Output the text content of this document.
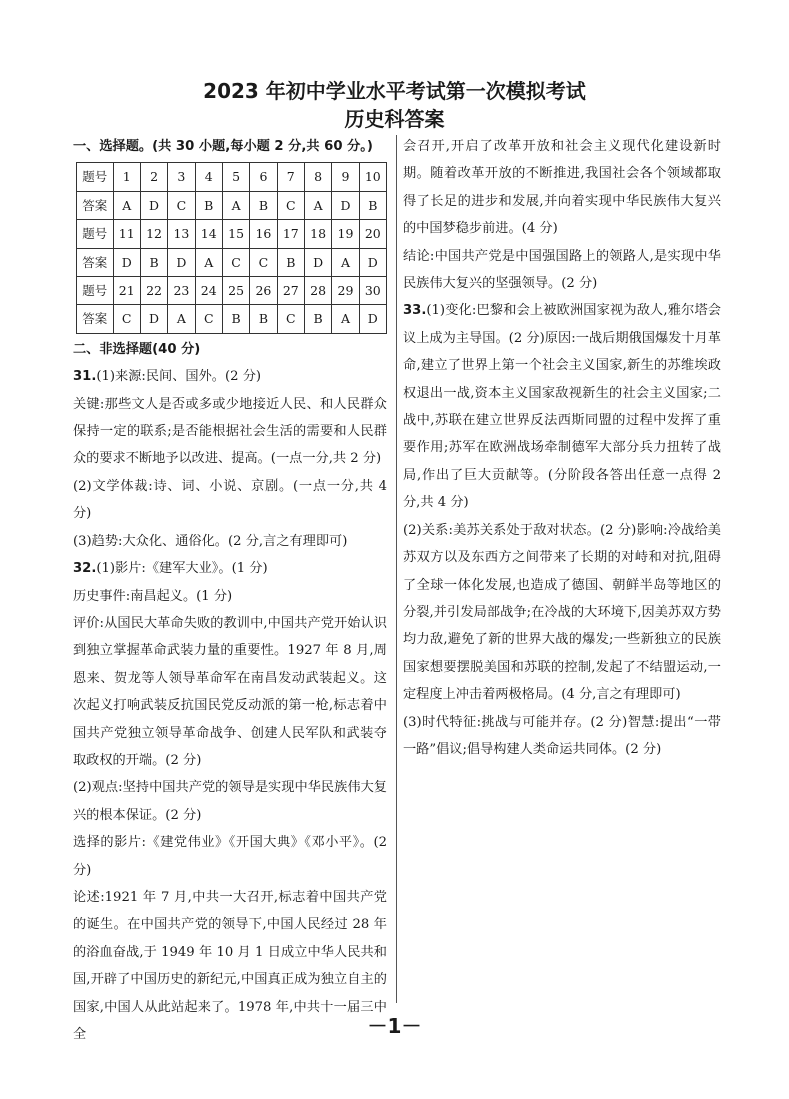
2023 年初中学业水平考试第一次模拟考试
历史科答案

一、选择题。(共 30 小题,每小题 2 分,共 60 分。)

题号	1	2	3	4	5	6	7	8	9	10
答案	A	D	C	B	A	B	C	A	D	B
题号	11	12	13	14	15	16	17	18	19	20
答案	D	B	D	A	C	C	B	D	A	D
题号	21	22	23	24	25	26	27	28	29	30
答案	C	D	A	C	B	B	C	B	A	D

二、非选择题(40 分)

31.(1)来源:民间、国外。(2 分)

关键:那些文人是否或多或少地接近人民、和人民群众保持一定的联系;是否能根据社会生活的需要和人民群众的要求不断地予以改进、提高。(一点一分,共 2 分)

(2)文学体裁:诗、词、小说、京剧。(一点一分,共 4 分)

(3)趋势:大众化、通俗化。(2 分,言之有理即可)

32.(1)影片:《建军大业》。(1 分)

历史事件:南昌起义。(1 分)

评价:从国民大革命失败的教训中,中国共产党开始认识到独立掌握革命武装力量的重要性。1927 年 8 月,周恩来、贺龙等人领导革命军在南昌发动武装起义。这次起义打响武装反抗国民党反动派的第一枪,标志着中国共产党独立领导革命战争、创建人民军队和武装夺取政权的开端。(2 分)

(2)观点:坚持中国共产党的领导是实现中华民族伟大复兴的根本保证。(2 分)

选择的影片:《建党伟业》《开国大典》《邓小平》。(2 分)

论述:1921 年 7 月,中共一大召开,标志着中国共产党的诞生。在中国共产党的领导下,中国人民经过 28 年的浴血奋战,于 1949 年 10 月 1 日成立中华人民共和国,开辟了中国历史的新纪元,中国真正成为独立自主的国家,中国人从此站起来了。1978 年,中共十一届三中全

会召开,开启了改革开放和社会主义现代化建设新时期。随着改革开放的不断推进,我国社会各个领域都取得了长足的进步和发展,并向着实现中华民族伟大复兴的中国梦稳步前进。(4 分)

结论:中国共产党是中国强国路上的领路人,是实现中华民族伟大复兴的坚强领导。(2 分)

33.(1)变化:巴黎和会上被欧洲国家视为敌人,雅尔塔会议上成为主导国。(2 分)原因:一战后期俄国爆发十月革命,建立了世界上第一个社会主义国家,新生的苏维埃政权退出一战,资本主义国家敌视新生的社会主义国家;二战中,苏联在建立世界反法西斯同盟的过程中发挥了重要作用;苏军在欧洲战场牵制德军大部分兵力扭转了战局,作出了巨大贡献等。(分阶段各答出任意一点得 2 分,共 4 分)

(2)关系:美苏关系处于敌对状态。(2 分)影响:冷战给美苏双方以及东西方之间带来了长期的对峙和对抗,阻碍了全球一体化发展,也造成了德国、朝鲜半岛等地区的分裂,并引发局部战争;在冷战的大环境下,因美苏双方势均力敌,避免了新的世界大战的爆发;一些新独立的民族国家想要摆脱美国和苏联的控制,发起了不结盟运动,一定程度上冲击着两极格局。(4 分,言之有理即可)

(3)时代特征:挑战与可能并存。(2 分)智慧:提出“一带一路”倡议;倡导构建人类命运共同体。(2 分)

－1－
